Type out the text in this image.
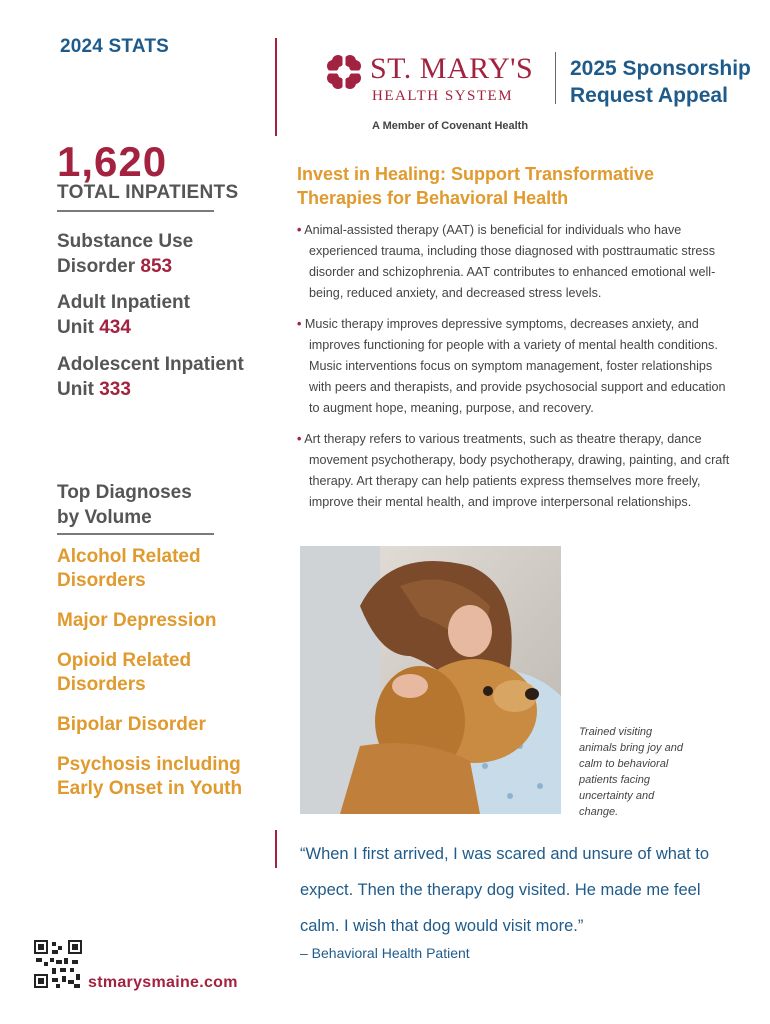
2024 STATS
1,620
TOTAL INPATIENTS
Substance Use
Disorder 853
Adult Inpatient
Unit 434
Adolescent Inpatient
Unit 333
Top Diagnoses
by Volume
Alcohol Related Disorders
Major Depression
Opioid Related Disorders
Bipolar Disorder
Psychosis including Early Onset in Youth
ST. MARY'S
HEALTH SYSTEM
A Member of Covenant Health
2025 Sponsorship
Request Appeal
Invest in Healing: Support Transformative Therapies for Behavioral Health
• Animal-assisted therapy (AAT) is beneficial for individuals who have experienced trauma, including those diagnosed with posttraumatic stress disorder and schizophrenia. AAT contributes to enhanced emotional well-being, reduced anxiety, and decreased stress levels.
• Music therapy improves depressive symptoms, decreases anxiety, and improves functioning for people with a variety of mental health conditions. Music interventions focus on symptom management, foster relationships with peers and therapists, and provide psychosocial support and education to augment hope, meaning, purpose, and recovery.
• Art therapy refers to various treatments, such as theatre therapy, dance movement psychotherapy, body psychotherapy, drawing, painting, and craft therapy. Art therapy can help patients express themselves more freely, improve their mental health, and improve interpersonal relationships.
Trained visiting animals bring joy and calm to behavioral patients facing uncertainty and change.
“When I first arrived, I was scared and unsure of what to expect. Then the therapy dog visited. He made me feel calm. I wish that dog would visit more.”
– Behavioral Health Patient
stmarysmaine.com
